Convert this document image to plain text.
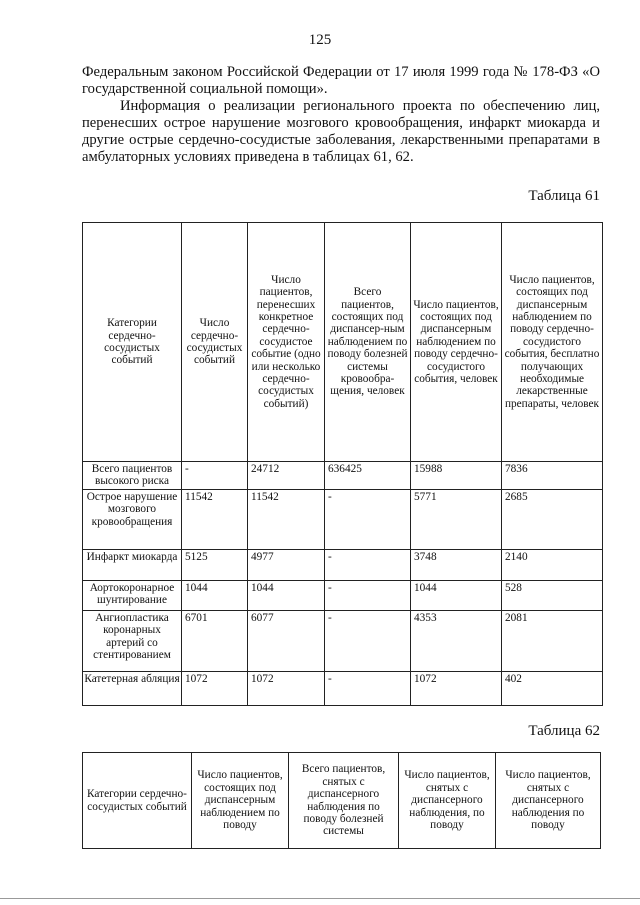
125

Федеральным законом Российской Федерации от 17 июля 1999 года № 178-ФЗ «О государственной социальной помощи».

Информация о реализации регионального проекта по обеспечению лиц, перенесших острое нарушение мозгового кровообращения, инфаркт миокарда и другие острые сердечно-сосудистые заболевания, лекарственными препаратами в амбулаторных условиях приведена в таблицах 61, 62.

Таблица 61
Категории сердечно-сосудистых событий	Число сердечно-сосудистых событий	Число пациентов, перенесших конкретное сердечно-сосудистое событие (одно или несколько сердечно-сосудистых событий)	Всего пациентов, состоящих под диспансер-ным наблюдением по поводу болезней системы кровообра-щения, человек	Число пациентов, состоящих под диспансерным наблюдением по поводу сердечно-сосудистого события, человек	Число пациентов, состоящих под диспансерным наблюдением по поводу сердечно-сосудистого события, бесплатно получающих необходимые лекарственные препараты, человек
Всего пациентов высокого риска	-	24712	636425	15988	7836
Острое нарушение мозгового кровообращения	11542	11542	-	5771	2685
Инфаркт миокарда	5125	4977	-	3748	2140
Аортокоронарное шунтирование	1044	1044	-	1044	528
Ангиопластика коронарных артерий со стентированием	6701	6077	-	4353	2081
Катетерная абляция	1072	1072	-	1072	402
Таблица 62
Категории сердечно-сосудистых событий	Число пациентов, состоящих под диспансерным наблюдением по поводу	Всего пациентов, снятых с диспансерного наблюдения по поводу болезней системы	Число пациентов, снятых с диспансерного наблюдения, по поводу	Число пациентов, снятых с диспансерного наблюдения по поводу
